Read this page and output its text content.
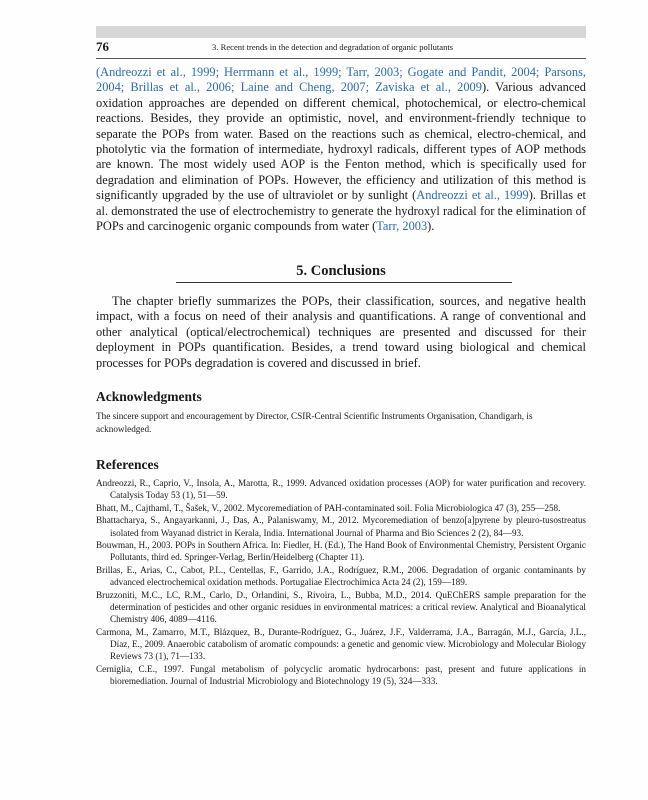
76	3. Recent trends in the detection and degradation of organic pollutants

(Andreozzi et al., 1999; Herrmann et al., 1999; Tarr, 2003; Gogate and Pandit, 2004; Parsons, 2004; Brillas et al., 2006; Laine and Cheng, 2007; Zaviska et al., 2009). Various advanced oxidation approaches are depended on different chemical, photochemical, or electro-chemical reactions. Besides, they provide an optimistic, novel, and environment-friendly technique to separate the POPs from water. Based on the reactions such as chemical, electro-chemical, and photolytic via the formation of intermediate, hydroxyl radicals, different types of AOP methods are known. The most widely used AOP is the Fenton method, which is specifically used for degradation and elimination of POPs. However, the efficiency and utilization of this method is significantly upgraded by the use of ultraviolet or by sunlight (Andreozzi et al., 1999). Brillas et al. demonstrated the use of electrochemistry to generate the hydroxyl radical for the elimination of POPs and carcinogenic organic compounds from water (Tarr, 2003).

5. Conclusions

The chapter briefly summarizes the POPs, their classification, sources, and negative health impact, with a focus on need of their analysis and quantifications. A range of conventional and other analytical (optical/electrochemical) techniques are presented and discussed for their deployment in POPs quantification. Besides, a trend toward using biological and chemical processes for POPs degradation is covered and discussed in brief.

Acknowledgments

The sincere support and encouragement by Director, CSIR-Central Scientific Instruments Organisation, Chandigarh, is acknowledged.

References
Andreozzi, R., Caprio, V., Insola, A., Marotta, R., 1999. Advanced oxidation processes (AOP) for water purification and recovery. Catalysis Today 53 (1), 51—59.
Bhatt, M., Cajthaml, T., Šašek, V., 2002. Mycoremediation of PAH-contaminated soil. Folia Microbiologica 47 (3), 255—258.
Bhattacharya, S., Angayarkanni, J., Das, A., Palaniswamy, M., 2012. Mycoremediation of benzo[a]pyrene by pleuro-tusostreatus isolated from Wayanad district in Kerala, India. International Journal of Pharma and Bio Sciences 2 (2), 84—93.
Bouwman, H., 2003. POPs in Southern Africa. In: Fiedler, H. (Ed.), The Hand Book of Environmental Chemistry, Persistent Organic Pollutants, third ed. Springer-Verlag, Berlin/Heidelberg (Chapter 11).
Brillas, E., Arias, C., Cabot, P.L., Centellas, F., Garrido, J.A., Rodríguez, R.M., 2006. Degradation of organic contaminants by advanced electrochemical oxidation methods. Portugaliae Electrochimica Acta 24 (2), 159—189.
Bruzzoniti, M.C., LC, R.M., Carlo, D., Orlandini, S., Rivoira, L., Bubba, M.D., 2014. QuEChERS sample preparation for the determination of pesticides and other organic residues in environmental matrices: a critical review. Analytical and Bioanalytical Chemistry 406, 4089—4116.
Carmona, M., Zamarro, M.T., Blázquez, B., Durante-Rodríguez, G., Juárez, J.F., Valderrama, J.A., Barragán, M.J., García, J.L., Díaz, E., 2009. Anaerobic catabolism of aromatic compounds: a genetic and genomic view. Microbiology and Molecular Biology Reviews 73 (1), 71—133.
Cerniglia, C.E., 1997. Fungal metabolism of polycyclic aromatic hydrocarbons: past, present and future applications in bioremediation. Journal of Industrial Microbiology and Biotechnology 19 (5), 324—333.
